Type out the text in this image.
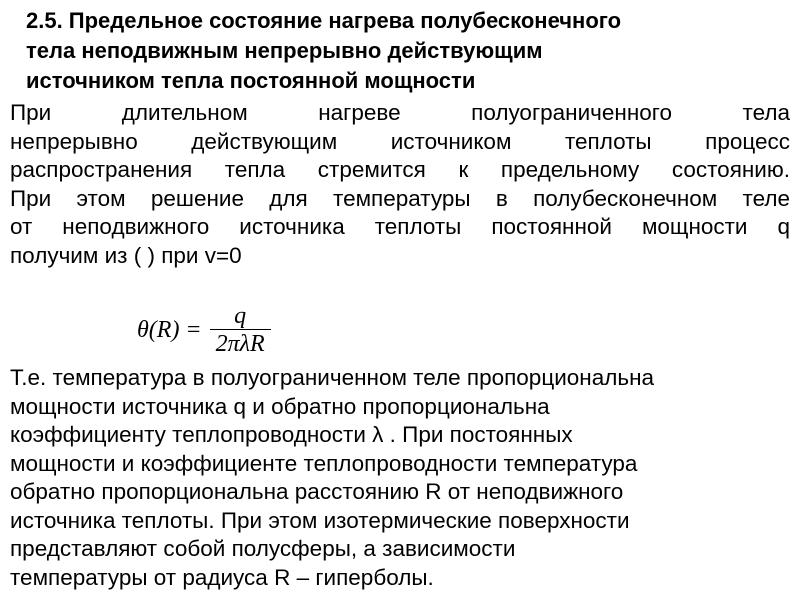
2.5. Предельное состояние нагрева полубесконечного
тела неподвижным непрерывно действующим
источником тепла постоянной мощности
При длительном нагреве полуограниченного тела
непрерывно действующим источником теплоты процесс
распространения тепла стремится к предельному состоянию.
При этом решение для температуры в полубесконечном теле
от неподвижного источника теплоты постоянной мощности q
получим из ( ) при v=0
$\theta(R) = \frac{q}{\text{2πλR}}$
Т.е. температура в полуограниченном теле пропорциональна
мощности источника q и обратно пропорциональна
коэффициенту теплопроводности λ . При постоянных
мощности и коэффициенте теплопроводности температура
обратно пропорциональна расстоянию R от неподвижного
источника теплоты. При этом изотермические поверхности
представляют собой полусферы, а зависимости
температуры от радиуса R – гиперболы.
